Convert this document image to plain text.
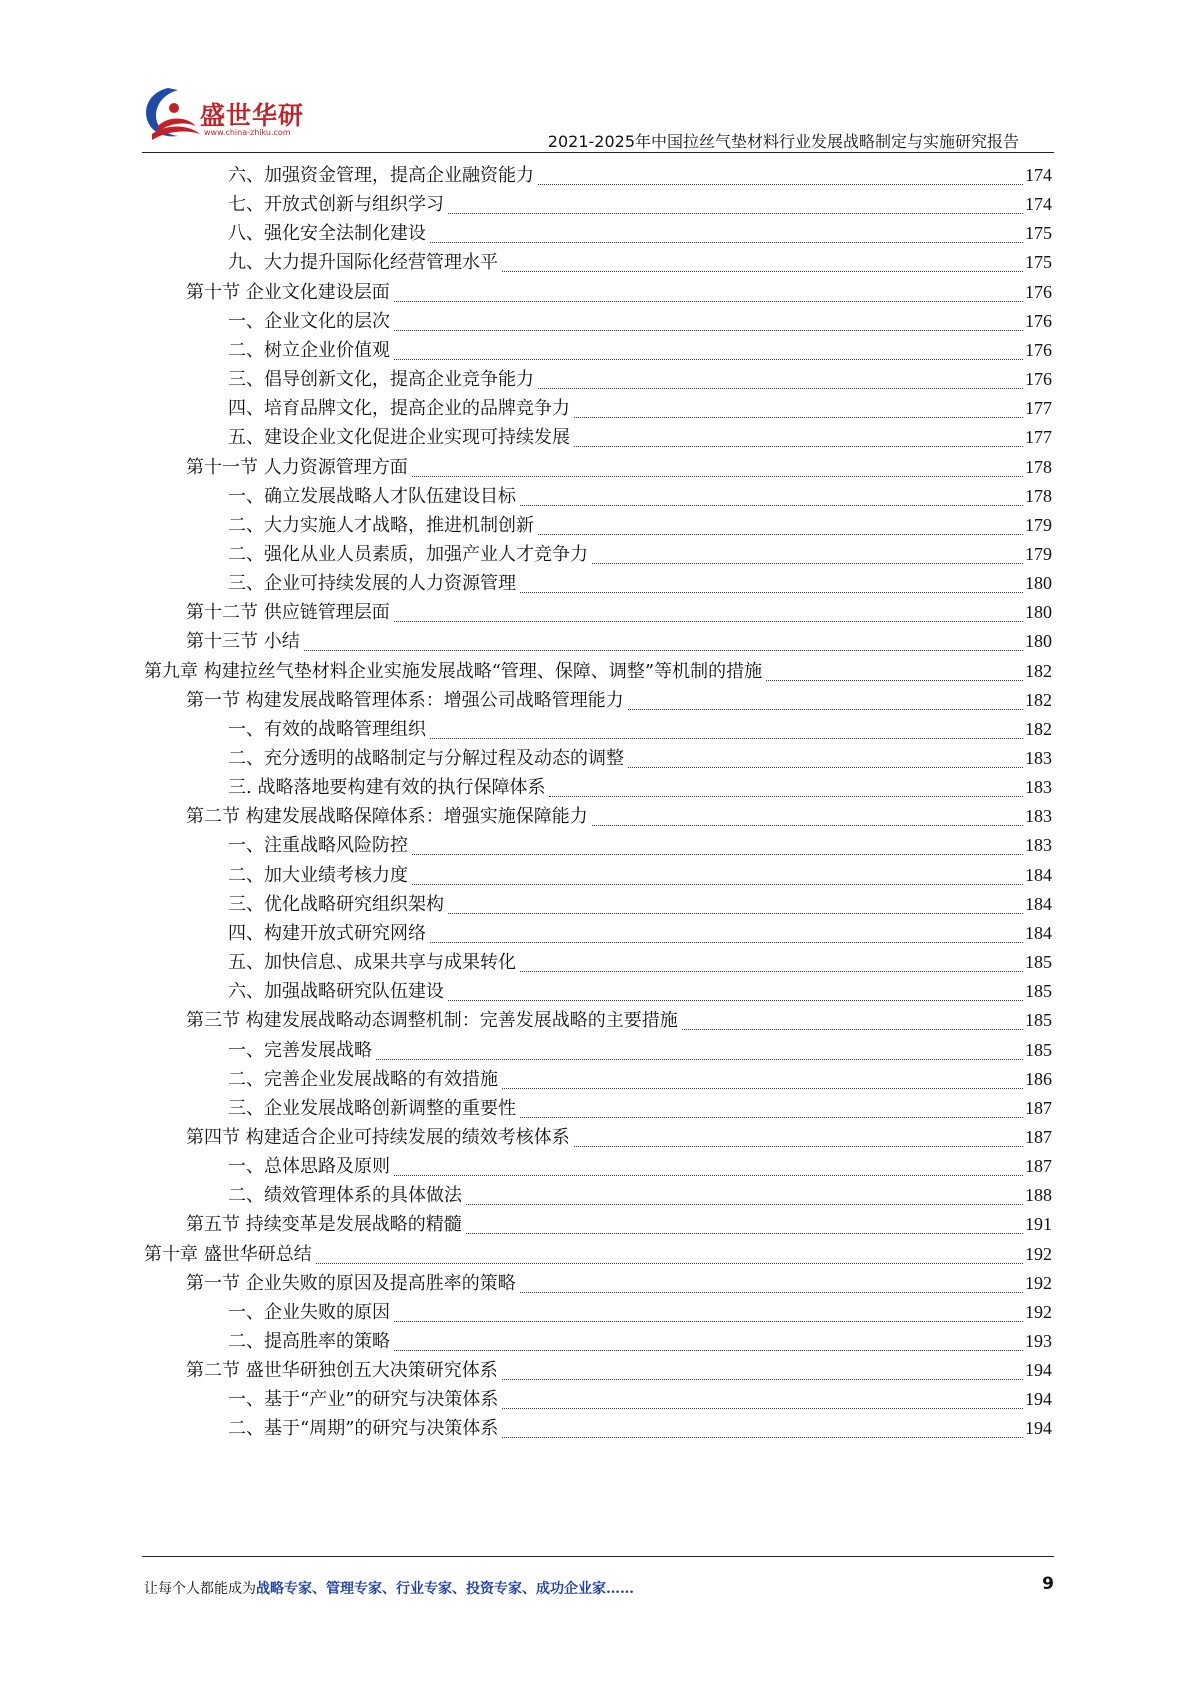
盛世华研
www.china-zhiku.com	2021-2025年中国拉丝气垫材料行业发展战略制定与实施研究报告
六、加强资金管理，提高企业融资能力	174
七、开放式创新与组织学习	174
八、强化安全法制化建设	175
九、大力提升国际化经营管理水平	175
第十节 企业文化建设层面	176
一、企业文化的层次	176
二、树立企业价值观	176
三、倡导创新文化，提高企业竞争能力	176
四、培育品牌文化，提高企业的品牌竞争力	177
五、建设企业文化促进企业实现可持续发展	177
第十一节 人力资源管理方面	178
一、确立发展战略人才队伍建设目标	178
二、大力实施人才战略，推进机制创新	179
二、强化从业人员素质，加强产业人才竞争力	179
三、企业可持续发展的人力资源管理	180
第十二节 供应链管理层面	180
第十三节 小结	180
第九章 构建拉丝气垫材料企业实施发展战略“管理、保障、调整”等机制的措施	182
第一节 构建发展战略管理体系：增强公司战略管理能力	182
一、有效的战略管理组织	182
二、充分透明的战略制定与分解过程及动态的调整	183
三. 战略落地要构建有效的执行保障体系	183
第二节 构建发展战略保障体系：增强实施保障能力	183
一、注重战略风险防控	183
二、加大业绩考核力度	184
三、优化战略研究组织架构	184
四、构建开放式研究网络	184
五、加快信息、成果共享与成果转化	185
六、加强战略研究队伍建设	185
第三节 构建发展战略动态调整机制：完善发展战略的主要措施	185
一、完善发展战略	185
二、完善企业发展战略的有效措施	186
三、企业发展战略创新调整的重要性	187
第四节 构建适合企业可持续发展的绩效考核体系	187
一、总体思路及原则	187
二、绩效管理体系的具体做法	188
第五节 持续变革是发展战略的精髓	191
第十章 盛世华研总结	192
第一节 企业失败的原因及提高胜率的策略	192
一、企业失败的原因	192
二、提高胜率的策略	193
第二节 盛世华研独创五大决策研究体系	194
一、基于“产业”的研究与决策体系	194
二、基于“周期”的研究与决策体系	194
让每个人都能成为战略专家、管理专家、行业专家、投资专家、成功企业家……	9
